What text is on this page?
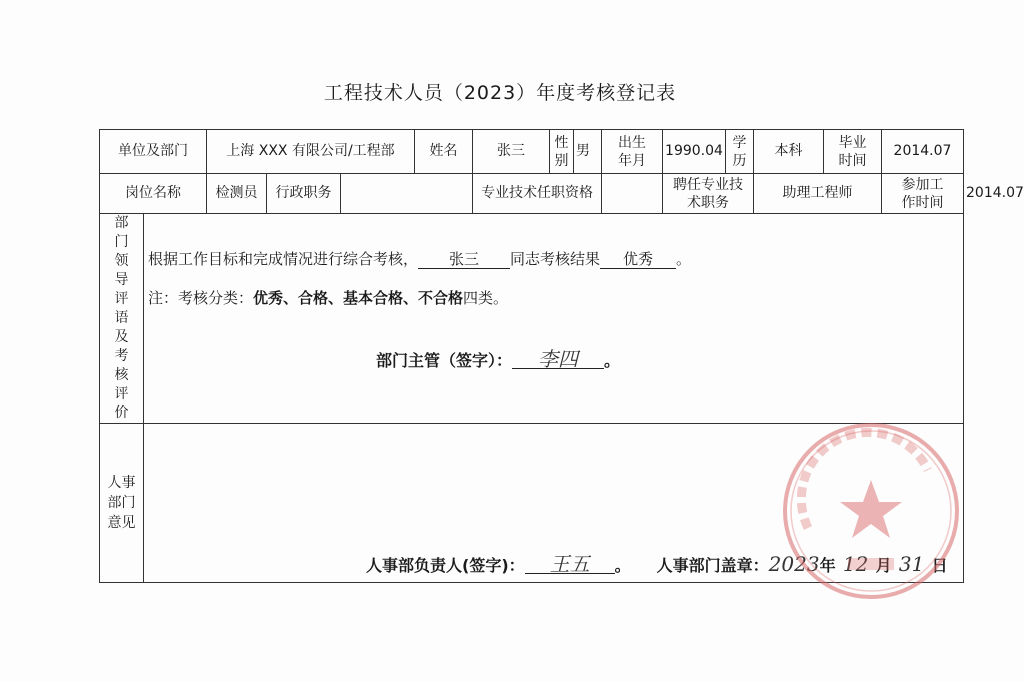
工程技术人员（2023）年度考核登记表
单位及部门		上海 XXX 有限公司/工程部			姓名	张三	性别	男	出生年月	1990.04	学历	本科	毕业时间	2014.07	
岗位名称		检测员	行政职务			专业技术任职资格				聘任专业技术职务		助理工程师		参加工作时间	2014.07
部门领导评语及考核评价	根据工作目标和完成情况进行综合考核， 张三 同志考核结果 优秀 。
注：考核分类：优秀、合格、基本合格、不合格四类。
部门主管（签字）： 李四 。														

人事部门意见	人事部负责人(签字)： 王五 。 人事部门盖章：2023年 12 月 31 日														
